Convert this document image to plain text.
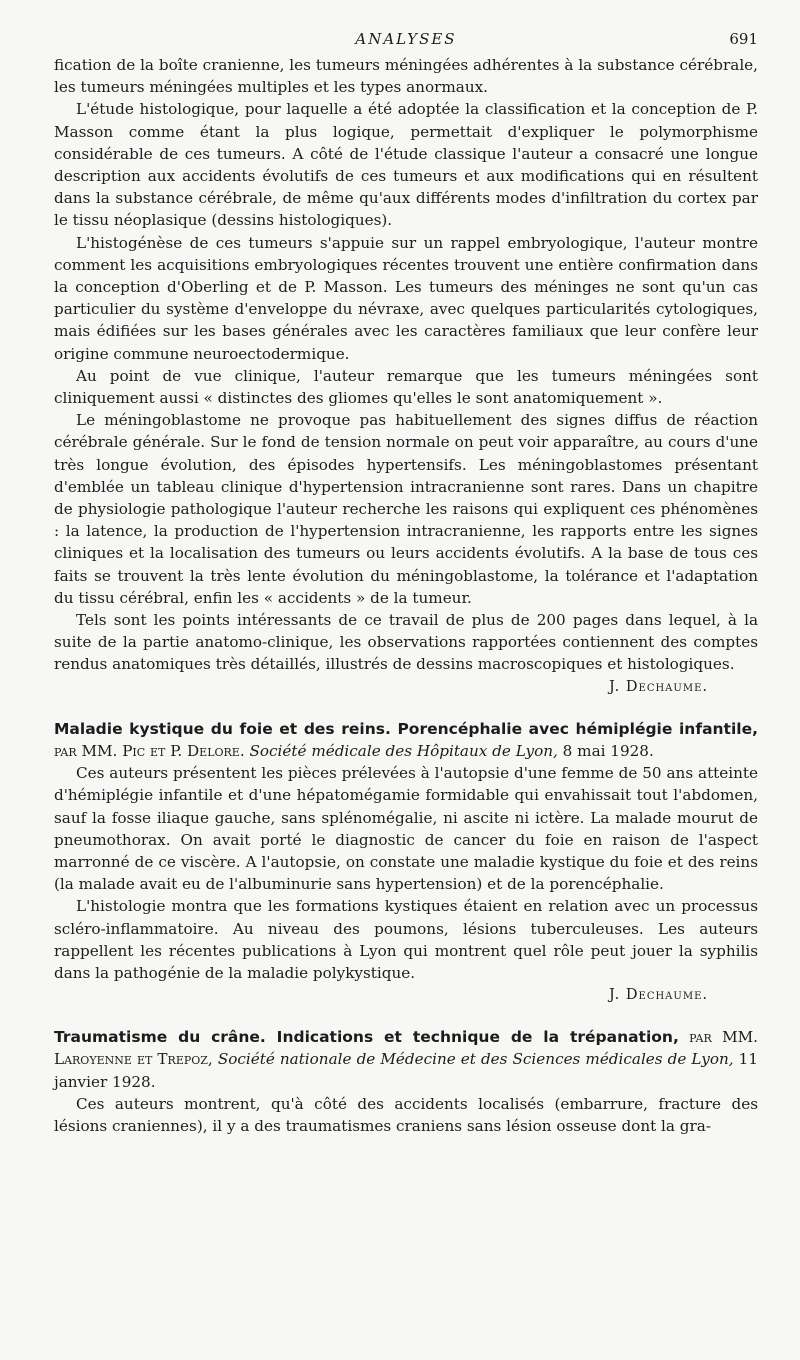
ANALYSES	691

fication de la boîte cranienne, les tumeurs méningées adhérentes à la substance cérébrale, les tumeurs méningées multiples et les types anormaux.

L'étude histologique, pour laquelle a été adoptée la classification et la conception de P. Masson comme étant la plus logique, permettait d'expliquer le polymorphisme considérable de ces tumeurs. A côté de l'étude classique l'auteur a consacré une longue description aux accidents évolutifs de ces tumeurs et aux modifications qui en résultent dans la substance cérébrale, de même qu'aux différents modes d'infiltration du cortex par le tissu néoplasique (dessins histologiques).

L'histogénèse de ces tumeurs s'appuie sur un rappel embryologique, l'auteur montre comment les acquisitions embryologiques récentes trouvent une entière confirmation dans la conception d'Oberling et de P. Masson. Les tumeurs des méninges ne sont qu'un cas particulier du système d'enveloppe du névraxe, avec quelques particularités cytologiques, mais édifiées sur les bases générales avec les caractères familiaux que leur confère leur origine commune neuroectodermique.

Au point de vue clinique, l'auteur remarque que les tumeurs méningées sont cliniquement aussi « distinctes des gliomes qu'elles le sont anatomiquement ».

Le méningoblastome ne provoque pas habituellement des signes diffus de réaction cérébrale générale. Sur le fond de tension normale on peut voir apparaître, au cours d'une très longue évolution, des épisodes hypertensifs. Les méningoblastomes présentant d'emblée un tableau clinique d'hypertension intracranienne sont rares. Dans un chapitre de physiologie pathologique l'auteur recherche les raisons qui expliquent ces phénomènes : la latence, la production de l'hypertension intracranienne, les rapports entre les signes cliniques et la localisation des tumeurs ou leurs accidents évolutifs. A la base de tous ces faits se trouvent la très lente évolution du méningoblastome, la tolérance et l'adaptation du tissu cérébral, enfin les « accidents » de la tumeur.

Tels sont les points intéressants de ce travail de plus de 200 pages dans lequel, à la suite de la partie anatomo-clinique, les observations rapportées contiennent des comptes rendus anatomiques très détaillés, illustrés de dessins macroscopiques et histologiques.

J. Dechaume.

Maladie kystique du foie et des reins. Porencéphalie avec hémiplégie infantile, par MM. Pic et P. Delore. Société médicale des Hôpitaux de Lyon, 8 mai 1928.

Ces auteurs présentent les pièces prélevées à l'autopsie d'une femme de 50 ans atteinte d'hémiplégie infantile et d'une hépatomégamie formidable qui envahissait tout l'abdomen, sauf la fosse iliaque gauche, sans splénomégalie, ni ascite ni ictère. La malade mourut de pneumothorax. On avait porté le diagnostic de cancer du foie en raison de l'aspect marronné de ce viscère. A l'autopsie, on constate une maladie kystique du foie et des reins (la malade avait eu de l'albuminurie sans hypertension) et de la porencéphalie.

L'histologie montra que les formations kystiques étaient en relation avec un processus scléro-inflammatoire. Au niveau des poumons, lésions tuberculeuses. Les auteurs rappellent les récentes publications à Lyon qui montrent quel rôle peut jouer la syphilis dans la pathogénie de la maladie polykystique.

J. Dechaume.

Traumatisme du crâne. Indications et technique de la trépanation, par MM. Laroyenne et Trepoz, Société nationale de Médecine et des Sciences médicales de Lyon, 11 janvier 1928.

Ces auteurs montrent, qu'à côté des accidents localisés (embarrure, fracture des lésions craniennes), il y a des traumatismes craniens sans lésion osseuse dont la gra-
